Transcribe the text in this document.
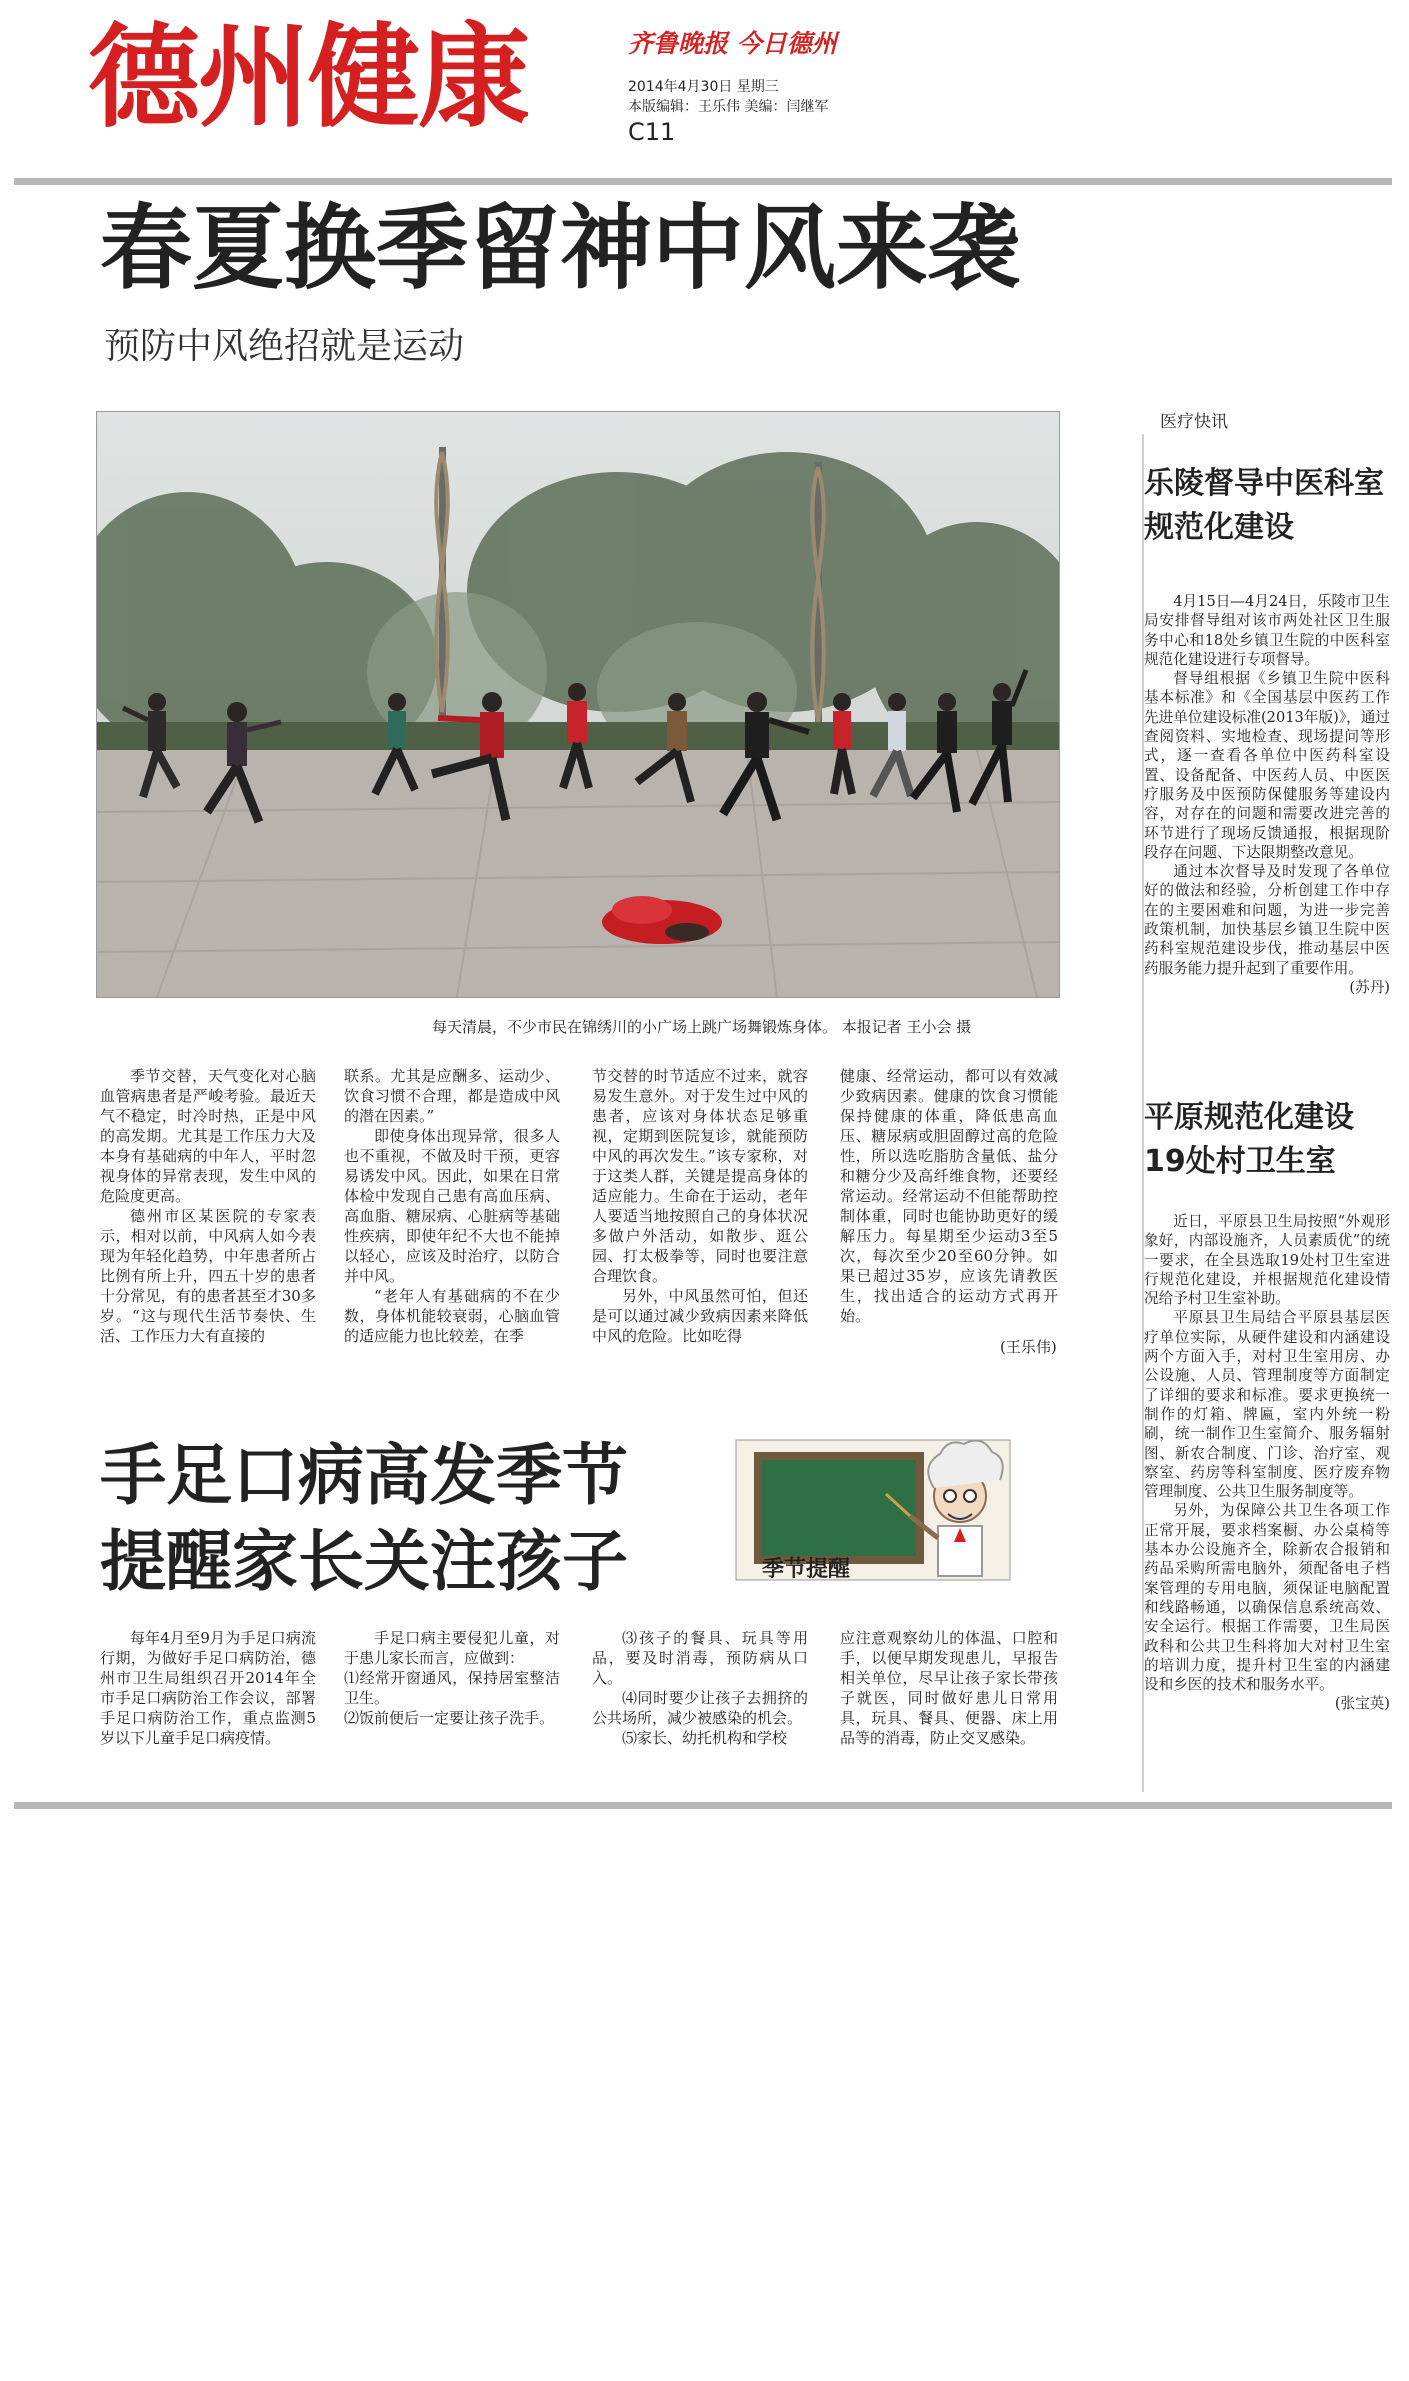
德州健康	齐鲁晚报 今日德州
2014年4月30日 星期三
本版编辑：王乐伟 美编：闫继军
C11
春夏换季留神中风来袭
预防中风绝招就是运动
每天清晨，不少市民在锦绣川的小广场上跳广场舞锻炼身体。 本报记者 王小会 摄

季节交替，天气变化对心脑血管病患者是严峻考验。最近天气不稳定，时冷时热，正是中风的高发期。尤其是工作压力大及本身有基础病的中年人，平时忽视身体的异常表现，发生中风的危险度更高。

德州市区某医院的专家表示，相对以前，中风病人如今表现为年轻化趋势，中年患者所占比例有所上升，四五十岁的患者十分常见，有的患者甚至才30多岁。“这与现代生活节奏快、生活、工作压力大有直接的

联系。尤其是应酬多、运动少、饮食习惯不合理，都是造成中风的潜在因素。”

即使身体出现异常，很多人也不重视，不做及时干预，更容易诱发中风。因此，如果在日常体检中发现自己患有高血压病、高血脂、糖尿病、心脏病等基础性疾病，即使年纪不大也不能掉以轻心，应该及时治疗，以防合并中风。

“老年人有基础病的不在少数，身体机能较衰弱，心脑血管的适应能力也比较差，在季

节交替的时节适应不过来，就容易发生意外。对于发生过中风的患者，应该对身体状态足够重视，定期到医院复诊，就能预防中风的再次发生。”该专家称，对于这类人群，关键是提高身体的适应能力。生命在于运动，老年人要适当地按照自己的身体状况多做户外活动，如散步、逛公园、打太极拳等，同时也要注意合理饮食。

另外，中风虽然可怕，但还是可以通过减少致病因素来降低中风的危险。比如吃得

健康、经常运动，都可以有效减少致病因素。健康的饮食习惯能保持健康的体重，降低患高血压、糖尿病或胆固醇过高的危险性，所以选吃脂肪含量低、盐分和糖分少及高纤维食物，还要经常运动。经常运动不但能帮助控制体重，同时也能协助更好的缓解压力。每星期至少运动3至5次，每次至少20至60分钟。如果已超过35岁，应该先请教医生，找出适合的运动方式再开始。

(王乐伟)
手足口病高发季节
提醒家长关注孩子	季节提醒

每年4月至9月为手足口病流行期，为做好手足口病防治，德州市卫生局组织召开2014年全市手足口病防治工作会议，部署手足口病防治工作，重点监测5岁以下儿童手足口病疫情。

手足口病主要侵犯儿童，对于患儿家长而言，应做到：

⑴经常开窗通风，保持居室整洁卫生。

⑵饭前便后一定要让孩子洗手。

⑶孩子的餐具、玩具等用品，要及时消毒，预防病从口入。

⑷同时要少让孩子去拥挤的公共场所，减少被感染的机会。

⑸家长、幼托机构和学校

应注意观察幼儿的体温、口腔和手，以便早期发现患儿，早报告相关单位，尽早让孩子家长带孩子就医，同时做好患儿日常用具，玩具、餐具、便器、床上用品等的消毒，防止交叉感染。

医疗快讯
乐陵督导中医科室
规范化建设

4月15日—4月24日，乐陵市卫生局安排督导组对该市两处社区卫生服务中心和18处乡镇卫生院的中医科室规范化建设进行专项督导。

督导组根据《乡镇卫生院中医科基本标准》和《全国基层中医药工作先进单位建设标准(2013年版)》，通过查阅资料、实地检查、现场提问等形式，逐一查看各单位中医药科室设置、设备配备、中医药人员、中医医疗服务及中医预防保健服务等建设内容，对存在的问题和需要改进完善的环节进行了现场反馈通报，根据现阶段存在问题、下达限期整改意见。

通过本次督导及时发现了各单位好的做法和经验，分析创建工作中存在的主要困难和问题，为进一步完善政策机制，加快基层乡镇卫生院中医药科室规范建设步伐，推动基层中医药服务能力提升起到了重要作用。

(苏丹)
平原规范化建设
19处村卫生室

近日，平原县卫生局按照“外观形象好，内部设施齐，人员素质优”的统一要求，在全县选取19处村卫生室进行规范化建设，并根据规范化建设情况给予村卫生室补助。

平原县卫生局结合平原县基层医疗单位实际，从硬件建设和内涵建设两个方面入手，对村卫生室用房、办公设施、人员、管理制度等方面制定了详细的要求和标准。要求更换统一制作的灯箱、牌匾，室内外统一粉刷，统一制作卫生室简介、服务辐射图、新农合制度、门诊、治疗室、观察室、药房等科室制度、医疗废弃物管理制度、公共卫生服务制度等。

另外，为保障公共卫生各项工作正常开展，要求档案橱、办公桌椅等基本办公设施齐全，除新农合报销和药品采购所需电脑外，须配备电子档案管理的专用电脑，须保证电脑配置和线路畅通，以确保信息系统高效、安全运行。根据工作需要，卫生局医政科和公共卫生科将加大对村卫生室的培训力度，提升村卫生室的内涵建设和乡医的技术和服务水平。

(张宝英)
